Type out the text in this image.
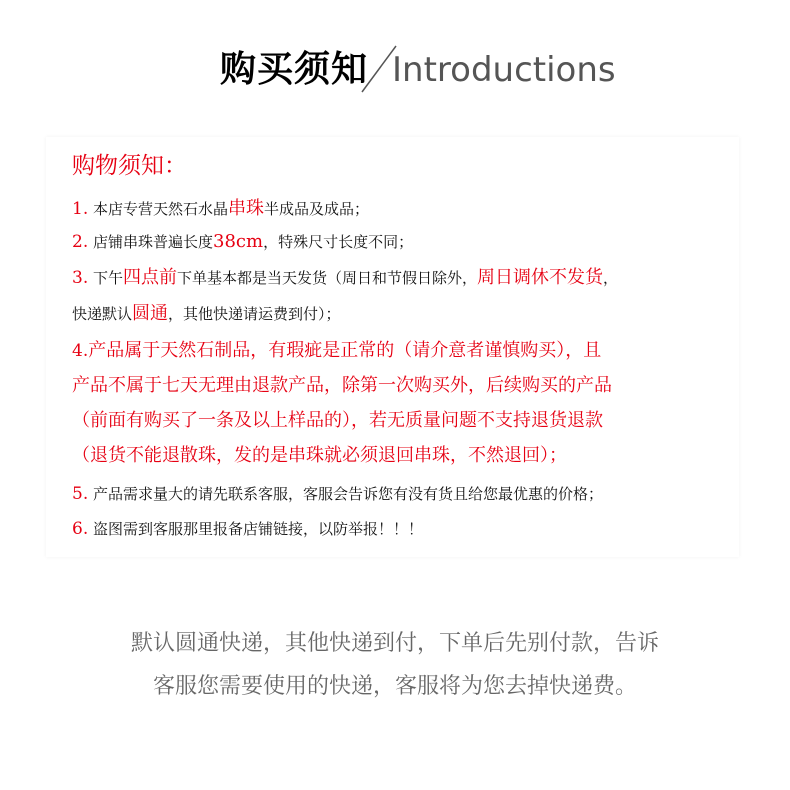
购买须知 Introductions
购物须知：
1. 本店专营天然石水晶串珠半成品及成品；
2. 店铺串珠普遍长度38cm，特殊尺寸长度不同；
3. 下午四点前下单基本都是当天发货（周日和节假日除外，周日调休不发货，
快递默认圆通，其他快递请运费到付）；
4.产品属于天然石制品，有瑕疵是正常的（请介意者谨慎购买），且
产品不属于七天无理由退款产品，除第一次购买外，后续购买的产品
（前面有购买了一条及以上样品的），若无质量问题不支持退货退款
（退货不能退散珠，发的是串珠就必须退回串珠，不然退回）；
5. 产品需求量大的请先联系客服，客服会告诉您有没有货且给您最优惠的价格；
6. 盗图需到客服那里报备店铺链接，以防举报！！！
默认圆通快递，其他快递到付，下单后先别付款，告诉
客服您需要使用的快递，客服将为您去掉快递费。
